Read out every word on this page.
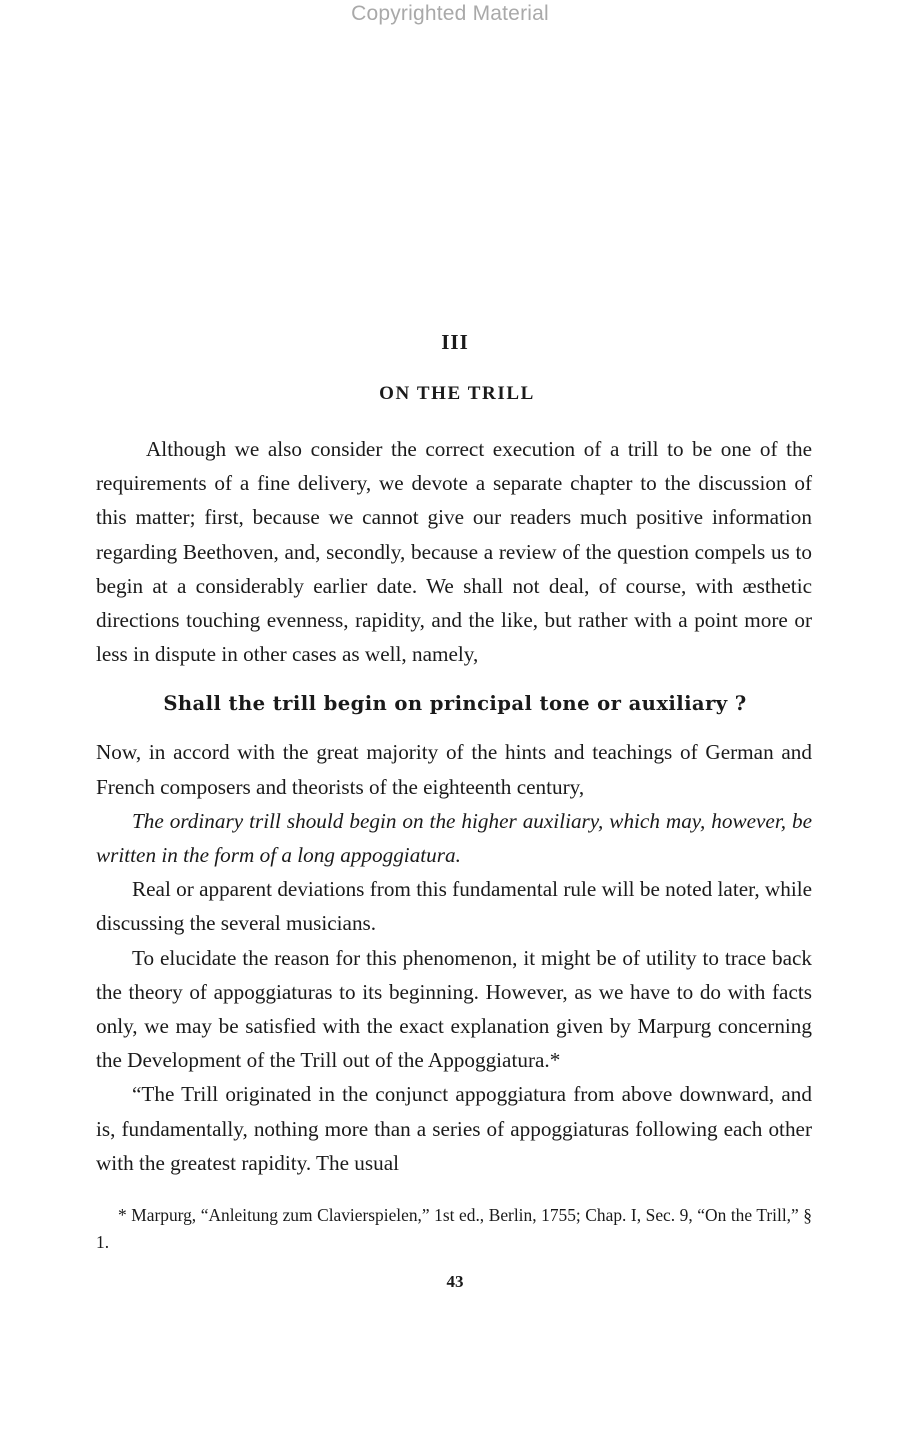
Copyrighted Material
III
ON THE TRILL

Although we also consider the correct execution of a trill to be one of the requirements of a fine delivery, we devote a separate chapter to the discussion of this matter; first, because we cannot give our readers much positive information regarding Beethoven, and, secondly, because a review of the question compels us to begin at a considerably earlier date. We shall not deal, of course, with æsthetic directions touching evenness, rapidity, and the like, but rather with a point more or less in dispute in other cases as well, namely,

Shall the trill begin on principal tone or auxiliary ?

Now, in accord with the great majority of the hints and teachings of German and French composers and theorists of the eighteenth century,

The ordinary trill should begin on the higher auxiliary, which may, however, be written in the form of a long appoggiatura.

Real or apparent deviations from this fundamental rule will be noted later, while discussing the several musicians.

To elucidate the reason for this phenomenon, it might be of utility to trace back the theory of appoggiaturas to its beginning. However, as we have to do with facts only, we may be satisfied with the exact explanation given by Marpurg concerning the Development of the Trill out of the Appoggiatura.*

“The Trill originated in the conjunct appoggiatura from above downward, and is, fundamentally, nothing more than a series of appoggiaturas following each other with the greatest rapidity. The usual

* Marpurg, “Anleitung zum Clavierspielen,” 1st ed., Berlin, 1755; Chap. I, Sec. 9, “On the Trill,” § 1.
43
